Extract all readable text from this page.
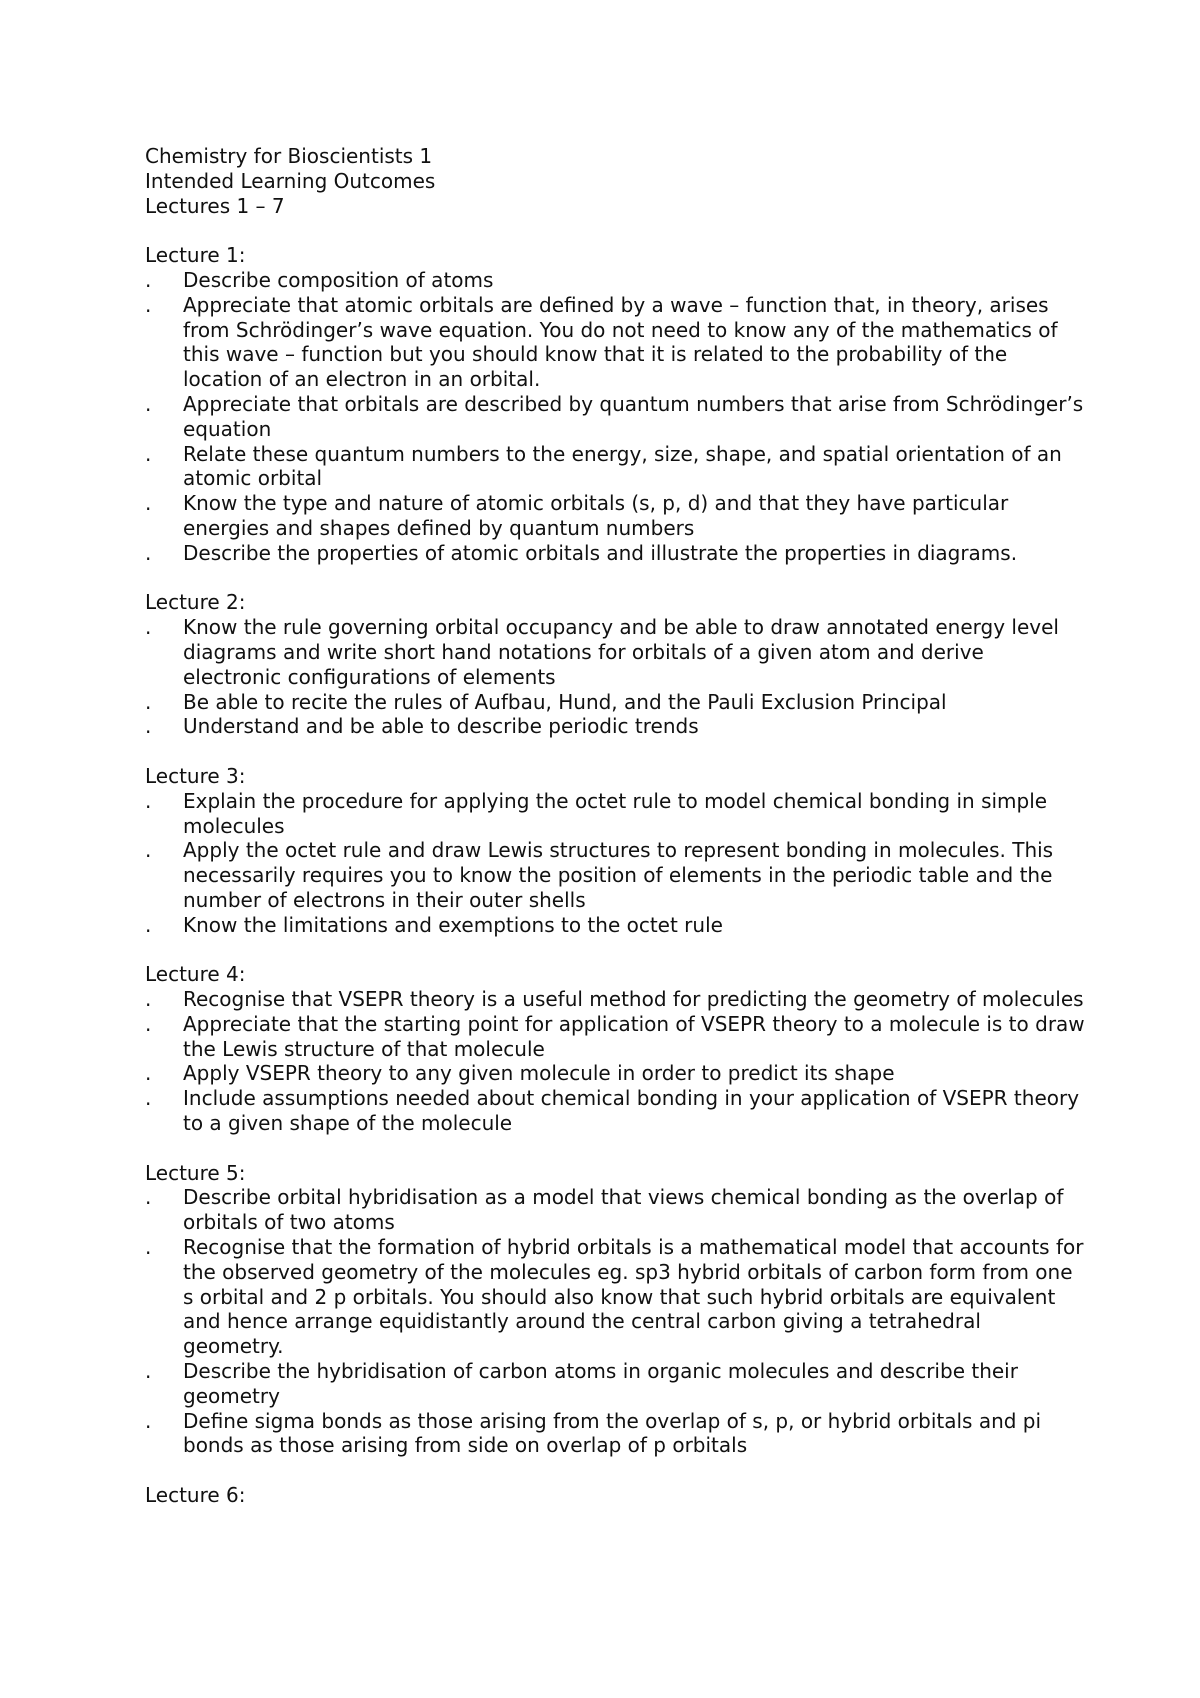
Chemistry for Bioscientists 1

Intended Learning Outcomes

Lectures 1 – 7

Lecture 1:

. Describe composition of atoms
. Appreciate that atomic orbitals are defined by a wave – function that, in theory, arises from Schrödinger’s wave equation. You do not need to know any of the mathematics of this wave – function but you should know that it is related to the probability of the location of an electron in an orbital.
. Appreciate that orbitals are described by quantum numbers that arise from Schrödinger’s equation
. Relate these quantum numbers to the energy, size, shape, and spatial orientation of an atomic orbital
. Know the type and nature of atomic orbitals (s, p, d) and that they have particular energies and shapes defined by quantum numbers
. Describe the properties of atomic orbitals and illustrate the properties in diagrams.

Lecture 2:

. Know the rule governing orbital occupancy and be able to draw annotated energy level diagrams and write short hand notations for orbitals of a given atom and derive electronic configurations of elements
. Be able to recite the rules of Aufbau, Hund, and the Pauli Exclusion Principal
. Understand and be able to describe periodic trends

Lecture 3:

. Explain the procedure for applying the octet rule to model chemical bonding in simple molecules
. Apply the octet rule and draw Lewis structures to represent bonding in molecules. This necessarily requires you to know the position of elements in the periodic table and the number of electrons in their outer shells
. Know the limitations and exemptions to the octet rule

Lecture 4:

. Recognise that VSEPR theory is a useful method for predicting the geometry of molecules
. Appreciate that the starting point for application of VSEPR theory to a molecule is to draw the Lewis structure of that molecule
. Apply VSEPR theory to any given molecule in order to predict its shape
. Include assumptions needed about chemical bonding in your application of VSEPR theory to a given shape of the molecule

Lecture 5:

. Describe orbital hybridisation as a model that views chemical bonding as the overlap of orbitals of two atoms
. Recognise that the formation of hybrid orbitals is a mathematical model that accounts for the observed geometry of the molecules eg. sp3 hybrid orbitals of carbon form from one s orbital and 2 p orbitals. You should also know that such hybrid orbitals are equivalent and hence arrange equidistantly around the central carbon giving a tetrahedral geometry.
. Describe the hybridisation of carbon atoms in organic molecules and describe their geometry
. Define sigma bonds as those arising from the overlap of s, p, or hybrid orbitals and pi bonds as those arising from side on overlap of p orbitals

Lecture 6:
